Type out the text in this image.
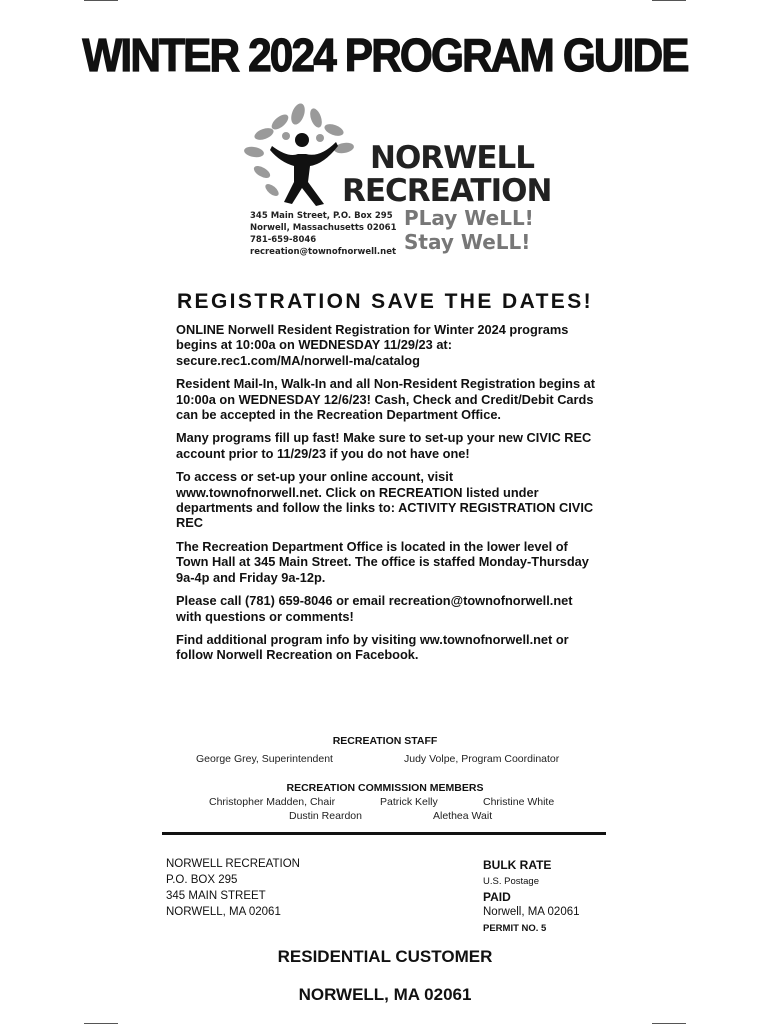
WINTER 2024 PROGRAM GUIDE
NORWELL
RECREATION
345 Main Street, P.O. Box 295
Norwell, Massachusetts 02061
781-659-8046
recreation@townofnorwell.net
PLay WeLL!
Stay WeLL!
REGISTRATION SAVE THE DATES!

ONLINE Norwell Resident Registration for Winter 2024 programs begins at 10:00a on WEDNESDAY 11/29/23 at: secure.rec1.com/MA/norwell-ma/catalog

Resident Mail-In, Walk-In and all Non-Resident Registration begins at 10:00a on WEDNESDAY 12/6/23! Cash, Check and Credit/Debit Cards can be accepted in the Recreation Department Office.

Many programs fill up fast! Make sure to set-up your new CIVIC REC account prior to 11/29/23 if you do not have one!

To access or set-up your online account, visit www.townofnorwell.net. Click on RECREATION listed under departments and follow the links to: ACTIVITY REGISTRATION CIVIC REC

The Recreation Department Office is located in the lower level of Town Hall at 345 Main Street. The office is staffed Monday-Thursday 9a-4p and Friday 9a-12p.

Please call (781) 659-8046 or email recreation@townofnorwell.net with questions or comments!

Find additional program info by visiting ww.townofnorwell.net or follow Norwell Recreation on Facebook.

RECREATION STAFF
George Grey, Superintendent	Judy Volpe, Program Coordinator
RECREATION COMMISSION MEMBERS
Christopher Madden, Chair	Patrick Kelly	Christine White
Dustin Reardon	Alethea Wait
NORWELL RECREATION
P.O. BOX 295
345 MAIN STREET
NORWELL, MA 02061
BULK RATE
U.S. Postage
PAID
Norwell, MA 02061
PERMIT NO. 5
RESIDENTIAL CUSTOMER
NORWELL, MA 02061
